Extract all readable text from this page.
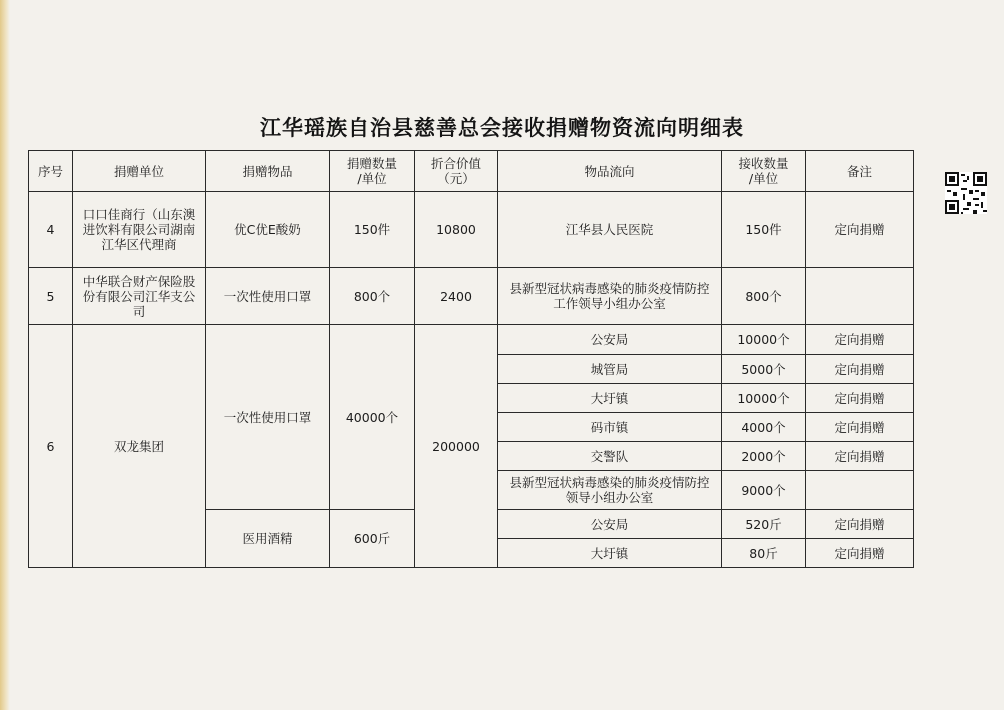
江华瑶族自治县慈善总会接收捐赠物资流向明细表
序号	捐赠单位	捐赠物品	捐赠数量
/单位	折合价值
（元）	物品流向	接收数量
/单位	备注
4	口口佳商行（山东澳
进饮料有限公司湖南
江华区代理商	优C优E酸奶	150件	10800	江华县人民医院	150件	定向捐赠
5	中华联合财产保险股
份有限公司江华支公
司	一次性使用口罩	800个	2400	县新型冠状病毒感染的肺炎疫情防控
工作领导小组办公室	800个	
6	双龙集团	一次性使用口罩	40000个	200000	公安局	10000个	定向捐赠
					城管局	5000个	定向捐赠
					大圩镇	10000个	定向捐赠
					码市镇	4000个	定向捐赠
					交警队	2000个	定向捐赠
					县新型冠状病毒感染的肺炎疫情防控
领导小组办公室	9000个	
		医用酒精	600斤		公安局	520斤	定向捐赠
					大圩镇	80斤	定向捐赠
